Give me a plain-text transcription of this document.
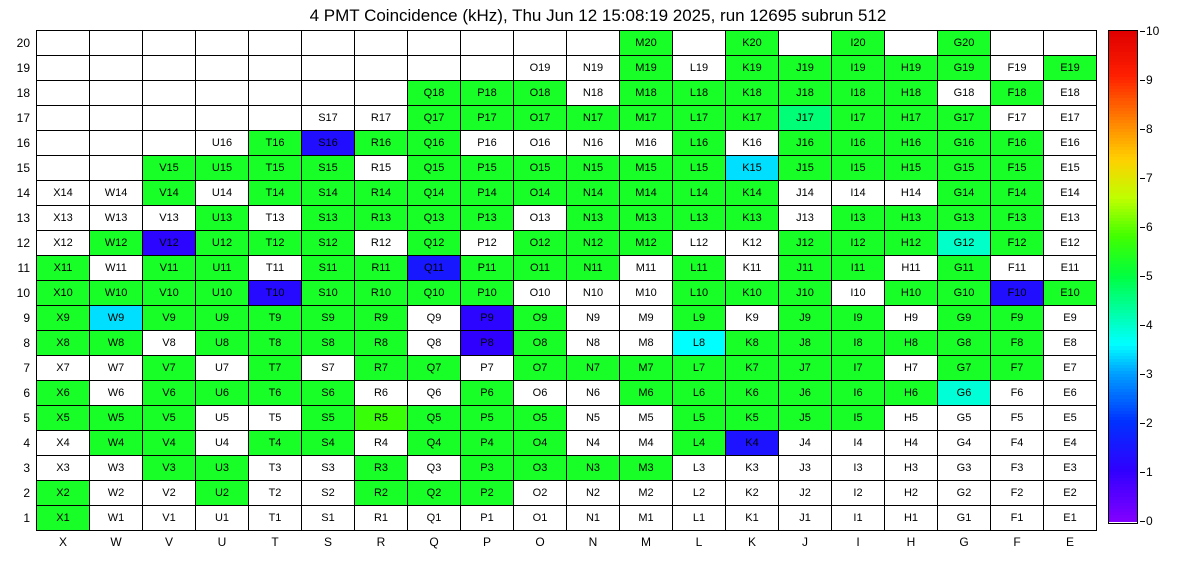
4 PMT Coincidence (kHz), Thu Jun 12 15:08:19 2025, run 12695 subrun 512
20												M20		K20		I20		G20		
19										O19	N19	M19	L19	K19	J19	I19	H19	G19	F19	E19
18								Q18	P18	O18	N18	M18	L18	K18	J18	I18	H18	G18	F18	E18
17						S17	R17	Q17	P17	O17	N17	M17	L17	K17	J17	I17	H17	G17	F17	E17
16				U16	T16	S16	R16	Q16	P16	O16	N16	M16	L16	K16	J16	I16	H16	G16	F16	E16
15			V15	U15	T15	S15	R15	Q15	P15	O15	N15	M15	L15	K15	J15	I15	H15	G15	F15	E15
14	X14	W14	V14	U14	T14	S14	R14	Q14	P14	O14	N14	M14	L14	K14	J14	I14	H14	G14	F14	E14
13	X13	W13	V13	U13	T13	S13	R13	Q13	P13	O13	N13	M13	L13	K13	J13	I13	H13	G13	F13	E13
12	X12	W12	V12	U12	T12	S12	R12	Q12	P12	O12	N12	M12	L12	K12	J12	I12	H12	G12	F12	E12
11	X11	W11	V11	U11	T11	S11	R11	Q11	P11	O11	N11	M11	L11	K11	J11	I11	H11	G11	F11	E11
10	X10	W10	V10	U10	T10	S10	R10	Q10	P10	O10	N10	M10	L10	K10	J10	I10	H10	G10	F10	E10
9	X9	W9	V9	U9	T9	S9	R9	Q9	P9	O9	N9	M9	L9	K9	J9	I9	H9	G9	F9	E9
8	X8	W8	V8	U8	T8	S8	R8	Q8	P8	O8	N8	M8	L8	K8	J8	I8	H8	G8	F8	E8
7	X7	W7	V7	U7	T7	S7	R7	Q7	P7	O7	N7	M7	L7	K7	J7	I7	H7	G7	F7	E7
6	X6	W6	V6	U6	T6	S6	R6	Q6	P6	O6	N6	M6	L6	K6	J6	I6	H6	G6	F6	E6
5	X5	W5	V5	U5	T5	S5	R5	Q5	P5	O5	N5	M5	L5	K5	J5	I5	H5	G5	F5	E5
4	X4	W4	V4	U4	T4	S4	R4	Q4	P4	O4	N4	M4	L4	K4	J4	I4	H4	G4	F4	E4
3	X3	W3	V3	U3	T3	S3	R3	Q3	P3	O3	N3	M3	L3	K3	J3	I3	H3	G3	F3	E3
2	X2	W2	V2	U2	T2	S2	R2	Q2	P2	O2	N2	M2	L2	K2	J2	I2	H2	G2	F2	E2
1	X1	W1	V1	U1	T1	S1	R1	Q1	P1	O1	N1	M1	L1	K1	J1	I1	H1	G1	F1	E1
	X	W	V	U	T	S	R	Q	P	O	N	M	L	K	J	I	H	G	F	E
0
1
2
3
4
5
6
7
8
9
10
